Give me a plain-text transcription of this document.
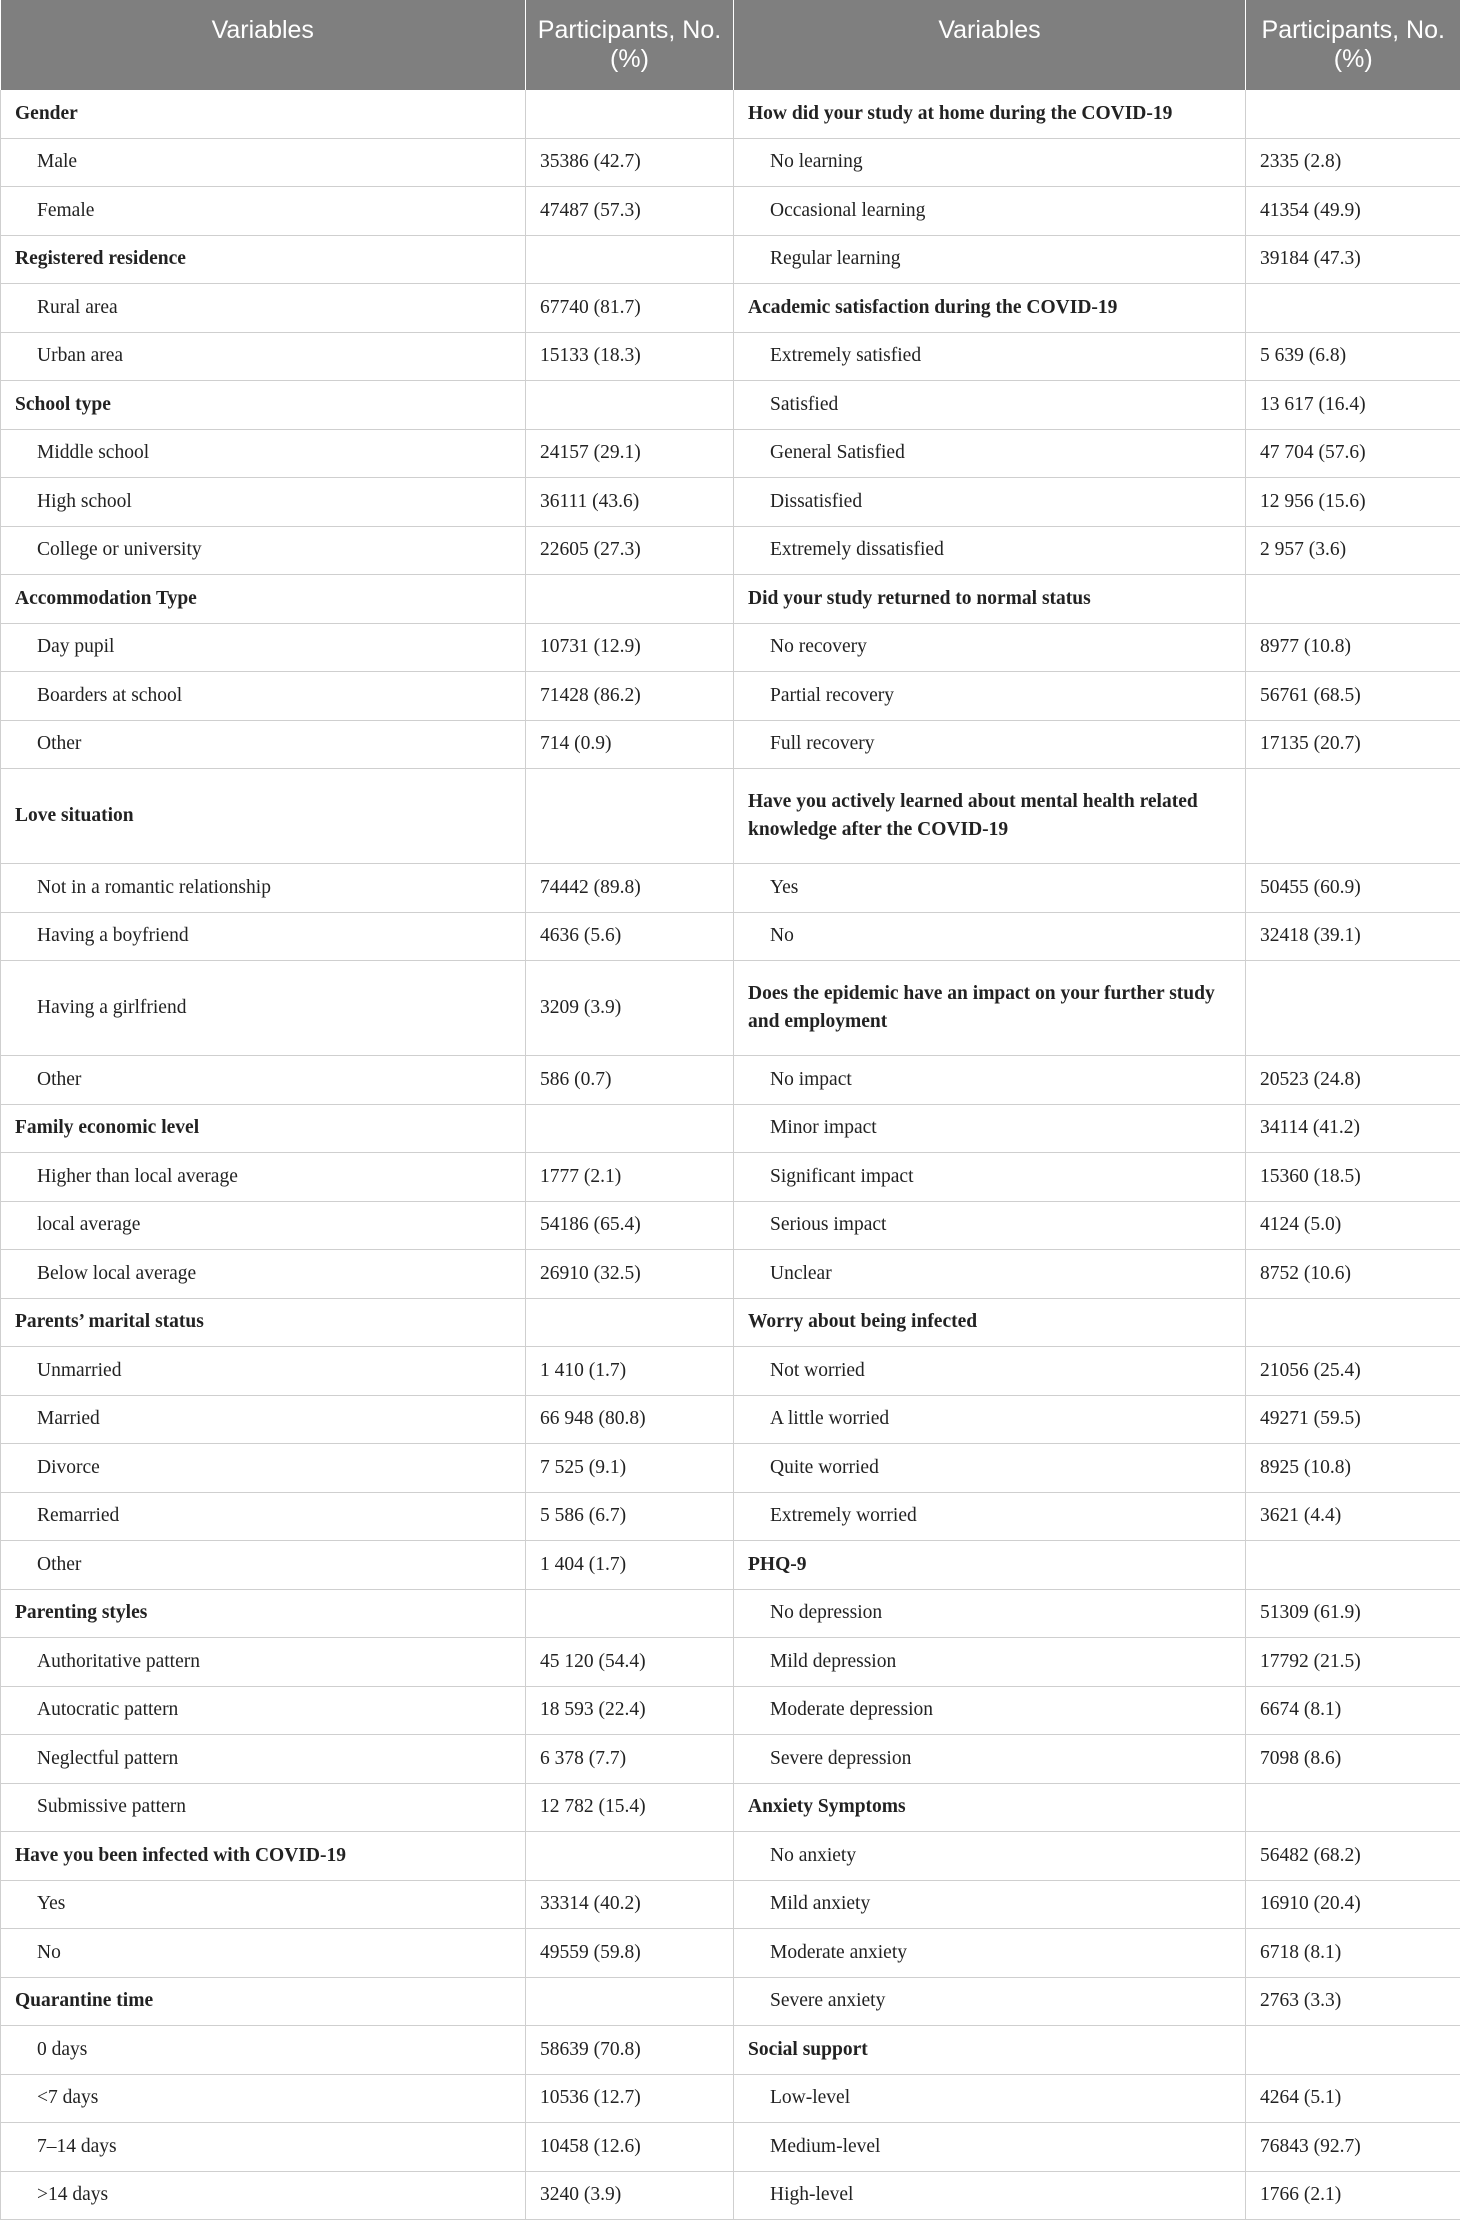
Variables	Participants, No. (%)	Variables	Participants, No. (%)

Gender		How did your study at home during the COVID-19	
Male	35386 (42.7)	No learning	2335 (2.8)
Female	47487 (57.3)	Occasional learning	41354 (49.9)
Registered residence		Regular learning	39184 (47.3)
Rural area	67740 (81.7)	Academic satisfaction during the COVID-19	
Urban area	15133 (18.3)	Extremely satisfied	5 639 (6.8)
School type		Satisfied	13 617 (16.4)
Middle school	24157 (29.1)	General Satisfied	47 704 (57.6)
High school	36111 (43.6)	Dissatisfied	12 956 (15.6)
College or university	22605 (27.3)	Extremely dissatisfied	2 957 (3.6)
Accommodation Type		Did your study returned to normal status	
Day pupil	10731 (12.9)	No recovery	8977 (10.8)
Boarders at school	71428 (86.2)	Partial recovery	56761 (68.5)
Other	714 (0.9)	Full recovery	17135 (20.7)
Love situation		Have you actively learned about mental health related knowledge after the COVID-19	
Not in a romantic relationship	74442 (89.8)	Yes	50455 (60.9)
Having a boyfriend	4636 (5.6)	No	32418 (39.1)
Having a girlfriend	3209 (3.9)	Does the epidemic have an impact on your further study and employment	
Other	586 (0.7)	No impact	20523 (24.8)
Family economic level		Minor impact	34114 (41.2)
Higher than local average	1777 (2.1)	Significant impact	15360 (18.5)
local average	54186 (65.4)	Serious impact	4124 (5.0)
Below local average	26910 (32.5)	Unclear	8752 (10.6)
Parents’ marital status		Worry about being infected	
Unmarried	1 410 (1.7)	Not worried	21056 (25.4)
Married	66 948 (80.8)	A little worried	49271 (59.5)
Divorce	7 525 (9.1)	Quite worried	8925 (10.8)
Remarried	5 586 (6.7)	Extremely worried	3621 (4.4)
Other	1 404 (1.7)	PHQ-9	
Parenting styles		No depression	51309 (61.9)
Authoritative pattern	45 120 (54.4)	Mild depression	17792 (21.5)
Autocratic pattern	18 593 (22.4)	Moderate depression	6674 (8.1)
Neglectful pattern	6 378 (7.7)	Severe depression	7098 (8.6)
Submissive pattern	12 782 (15.4)	Anxiety Symptoms	
Have you been infected with COVID-19		No anxiety	56482 (68.2)
Yes	33314 (40.2)	Mild anxiety	16910 (20.4)
No	49559 (59.8)	Moderate anxiety	6718 (8.1)
Quarantine time		Severe anxiety	2763 (3.3)
0 days	58639 (70.8)	Social support	
<7 days	10536 (12.7)	Low-level	4264 (5.1)
7–14 days	10458 (12.6)	Medium-level	76843 (92.7)
>14 days	3240 (3.9)	High-level	1766 (2.1)
